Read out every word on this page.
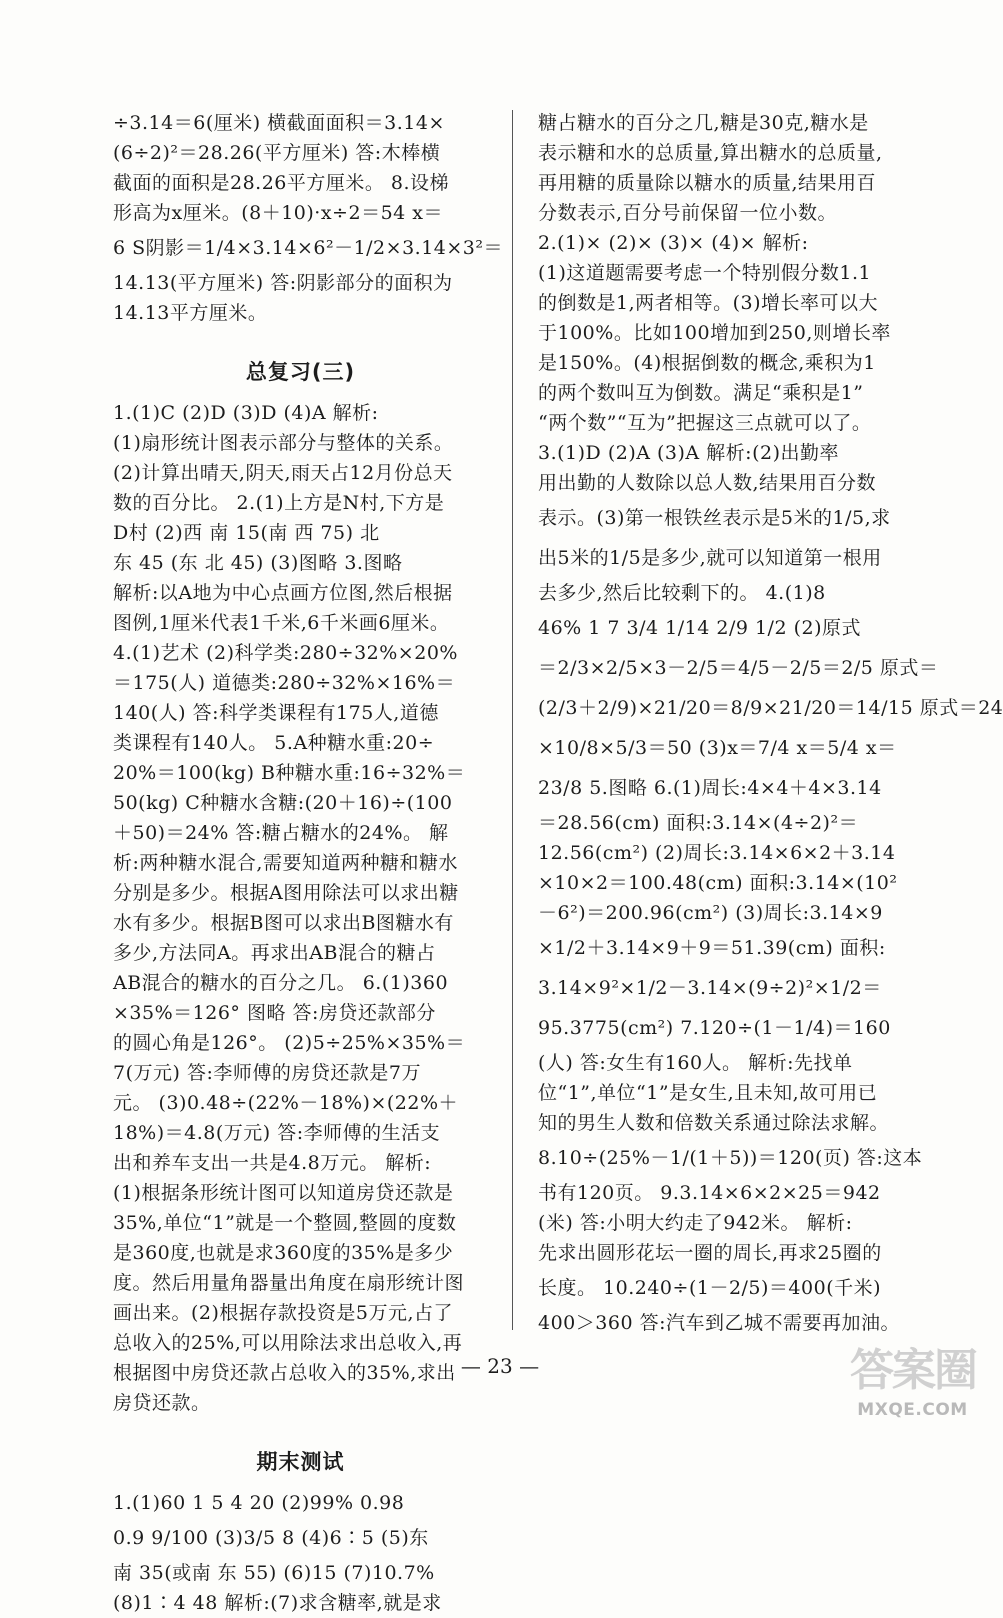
÷3.14＝6(厘米) 横截面面积＝3.14×
(6÷2)²＝28.26(平方厘米) 答:木棒横
截面的面积是28.26平方厘米。 8.设梯
形高为x厘米。(8＋10)·x÷2＝54 x＝
6 S阴影＝1/4×3.14×6²－1/2×3.14×3²＝
14.13(平方厘米) 答:阴影部分的面积为
14.13平方厘米。
总复习(三)
1.(1)C (2)D (3)D (4)A 解析:
(1)扇形统计图表示部分与整体的关系。
(2)计算出晴天,阴天,雨天占12月份总天
数的百分比。 2.(1)上方是N村,下方是
D村 (2)西 南 15(南 西 75) 北
东 45 (东 北 45) (3)图略 3.图略
解析:以A地为中心点画方位图,然后根据
图例,1厘米代表1千米,6千米画6厘米。
4.(1)艺术 (2)科学类:280÷32%×20%
＝175(人) 道德类:280÷32%×16%＝
140(人) 答:科学类课程有175人,道德
类课程有140人。 5.A种糖水重:20÷
20%＝100(kg) B种糖水重:16÷32%＝
50(kg) C种糖水含糖:(20＋16)÷(100
＋50)＝24% 答:糖占糖水的24%。 解
析:两种糖水混合,需要知道两种糖和糖水
分别是多少。根据A图用除法可以求出糖
水有多少。根据B图可以求出B图糖水有
多少,方法同A。再求出AB混合的糖占
AB混合的糖水的百分之几。 6.(1)360
×35%＝126° 图略 答:房贷还款部分
的圆心角是126°。 (2)5÷25%×35%＝
7(万元) 答:李师傅的房贷还款是7万
元。 (3)0.48÷(22%－18%)×(22%＋
18%)＝4.8(万元) 答:李师傅的生活支
出和养车支出一共是4.8万元。 解析:
(1)根据条形统计图可以知道房贷还款是
35%,单位“1”就是一个整圆,整圆的度数
是360度,也就是求360度的35%是多少
度。然后用量角器量出角度在扇形统计图
画出来。(2)根据存款投资是5万元,占了
总收入的25%,可以用除法求出总收入,再
根据图中房贷还款占总收入的35%,求出
房贷还款。
期末测试
1.(1)60 1 5 4 20 (2)99% 0.98
0.9 9/100 (3)3/5 8 (4)6∶5 (5)东
南 35(或南 东 55) (6)15 (7)10.7%
(8)1∶4 48 解析:(7)求含糖率,就是求
糖占糖水的百分之几,糖是30克,糖水是
表示糖和水的总质量,算出糖水的总质量,
再用糖的质量除以糖水的质量,结果用百
分数表示,百分号前保留一位小数。
2.(1)× (2)× (3)× (4)× 解析:
(1)这道题需要考虑一个特别假分数1.1
的倒数是1,两者相等。(3)增长率可以大
于100%。比如100增加到250,则增长率
是150%。(4)根据倒数的概念,乘积为1
的两个数叫互为倒数。满足“乘积是1”
“两个数”“互为”把握这三点就可以了。
3.(1)D (2)A (3)A 解析:(2)出勤率
用出勤的人数除以总人数,结果用百分数
表示。(3)第一根铁丝表示是5米的1/5,求
出5米的1/5是多少,就可以知道第一根用
去多少,然后比较剩下的。 4.(1)8
46% 1 7 3/4 1/14 2/9 1/2 (2)原式
＝2/3×2/5×3－2/5＝4/5－2/5＝2/5 原式＝
(2/3＋2/9)×21/20＝8/9×21/20＝14/15 原式＝24
×10/8×5/3＝50 (3)x＝7/4 x＝5/4 x＝
23/8 5.图略 6.(1)周长:4×4＋4×3.14
＝28.56(cm) 面积:3.14×(4÷2)²＝
12.56(cm²) (2)周长:3.14×6×2＋3.14
×10×2＝100.48(cm) 面积:3.14×(10²
－6²)＝200.96(cm²) (3)周长:3.14×9
×1/2＋3.14×9＋9＝51.39(cm) 面积:
3.14×9²×1/2－3.14×(9÷2)²×1/2＝
95.3775(cm²) 7.120÷(1－1/4)＝160
(人) 答:女生有160人。 解析:先找单
位“1”,单位“1”是女生,且未知,故可用已
知的男生人数和倍数关系通过除法求解。
8.10÷(25%－1/(1＋5))＝120(页) 答:这本
书有120页。 9.3.14×6×2×25＝942
(米) 答:小明大约走了942米。 解析:
先求出圆形花坛一圈的周长,再求25圈的
长度。 10.240÷(1－2/5)＝400(千米)
400＞360 答:汽车到乙城不需要再加油。
— 23 —	答案圈
MXQE.COM
